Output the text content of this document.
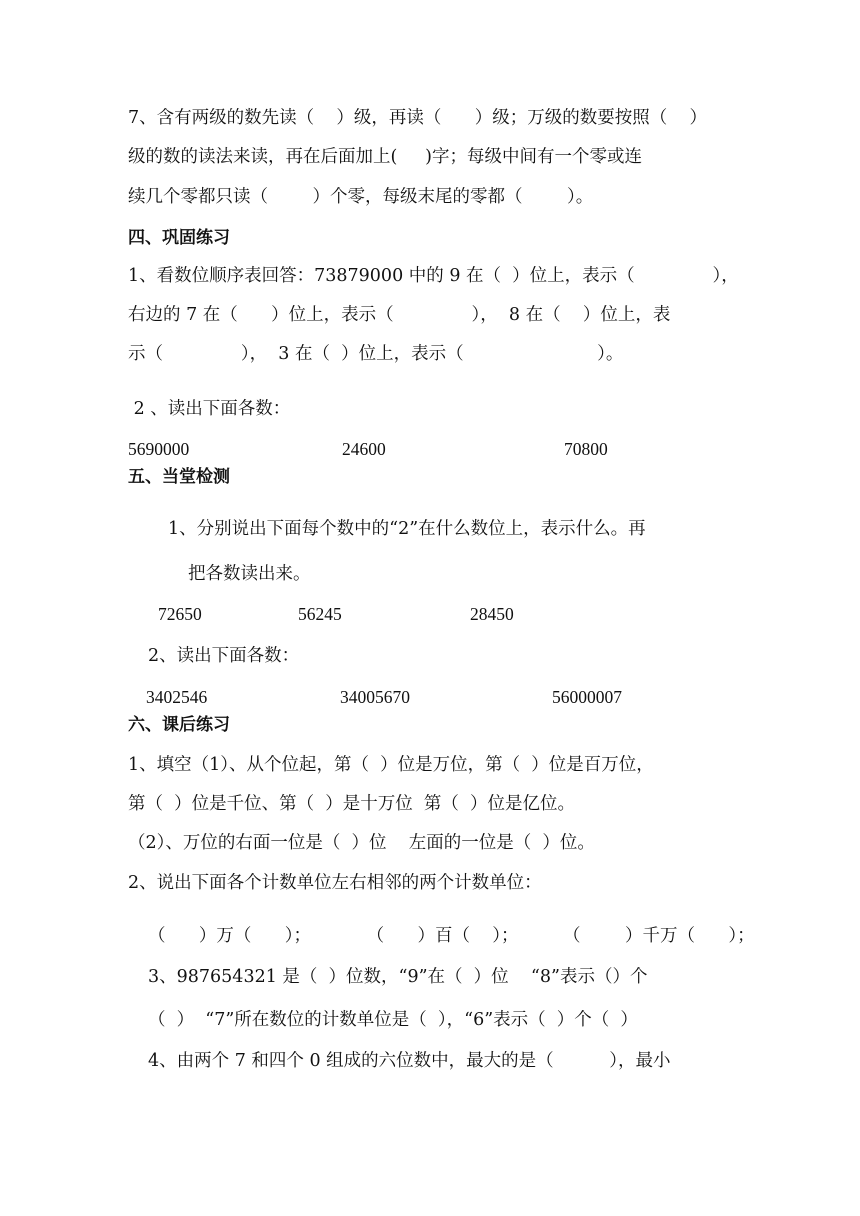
7、含有两级的数先读（    ）级，再读（      ）级；万级的数要按照（    ）
级的数的读法来读，再在后面加上(     )字；每级中间有一个零或连
续几个零都只读（        ）个零，每级末尾的零都（        ）。
四、巩固练习
1、看数位顺序表回答：73879000 中的 9 在（  ）位上，表示（              ），
右边的 7 在（      ）位上，表示（              ），  8 在（    ）位上，表
示（              ），  3 在（  ）位上，表示（                        ）。
2 、读出下面各数：
5690000	24600	70800
五、当堂检测
1、分别说出下面每个数中的“2”在什么数位上，表示什么。再
把各数读出来。
72650	56245	28450
2、读出下面各数：
3402546	34005670	56000007
六、课后练习
1、填空（1）、从个位起，第（  ）位是万位，第（  ）位是百万位，
第（  ）位是千位、第（  ）是十万位  第（  ）位是亿位。
（2）、万位的右面一位是（  ）位    左面的一位是（  ）位。
2、说出下面各个计数单位左右相邻的两个计数单位：
（      ）万（      ）；          （      ）百（    ）；        （        ）千万（      ）；
3、987654321 是（  ）位数，“9”在（  ）位    “8”表示（）个
（  ）  “7”所在数位的计数单位是（  ），“6”表示（  ）个（  ）
4、由两个 7 和四个 0 组成的六位数中，最大的是（          ），最小
